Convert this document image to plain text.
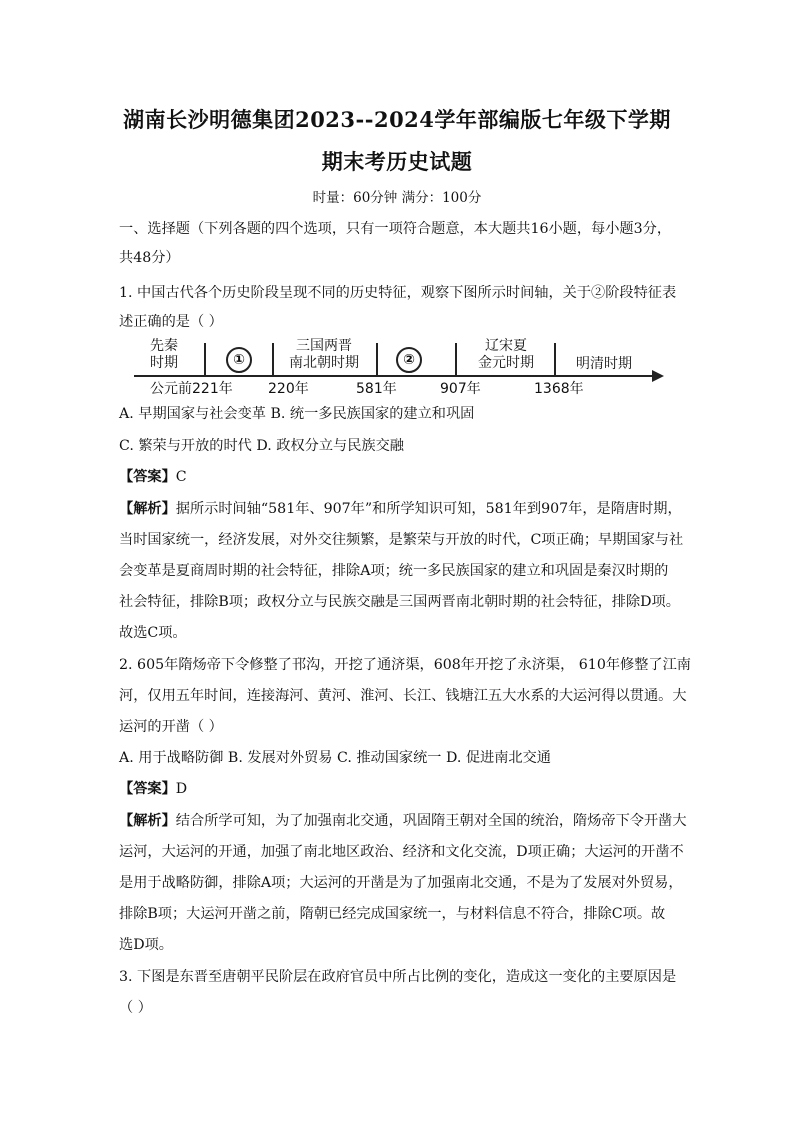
湖南长沙明德集团2023--2024学年部编版七年级下学期
期末考历史试题
时量：60分钟 满分：100分
一、选择题（下列各题的四个选项，只有一项符合题意，本大题共16小题，每小题3分，
共48分）
1. 中国古代各个历史阶段呈现不同的历史特征，观察下图所示时间轴，关于②阶段特征表
述正确的是（ ）
先秦
时期	①
三国两晋
南北朝时期	②
辽宋夏
金元时期	明清时期
公元前221年	220年	581年	907年	1368年
A. 早期国家与社会变革 B. 统一多民族国家的建立和巩固
C. 繁荣与开放的时代 D. 政权分立与民族交融
【答案】C
【解析】据所示时间轴“581年、907年”和所学知识可知，581年到907年，是隋唐时期，
当时国家统一，经济发展，对外交往频繁，是繁荣与开放的时代，C项正确；早期国家与社
会变革是夏商周时期的社会特征，排除A项；统一多民族国家的建立和巩固是秦汉时期的
社会特征，排除B项；政权分立与民族交融是三国两晋南北朝时期的社会特征，排除D项。
故选C项。
2. 605年隋炀帝下令修整了邗沟，开挖了通济渠，608年开挖了永济渠， 610年修整了江南
河，仅用五年时间，连接海河、黄河、淮河、长江、钱塘江五大水系的大运河得以贯通。大
运河的开凿（ ）
A. 用于战略防御 B. 发展对外贸易 C. 推动国家统一 D. 促进南北交通
【答案】D
【解析】结合所学可知，为了加强南北交通，巩固隋王朝对全国的统治，隋炀帝下令开凿大
运河，大运河的开通，加强了南北地区政治、经济和文化交流，D项正确；大运河的开凿不
是用于战略防御，排除A项；大运河的开凿是为了加强南北交通，不是为了发展对外贸易，
排除B项；大运河开凿之前，隋朝已经完成国家统一，与材料信息不符合，排除C项。故
选D项。
3. 下图是东晋至唐朝平民阶层在政府官员中所占比例的变化，造成这一变化的主要原因是
（ ）
